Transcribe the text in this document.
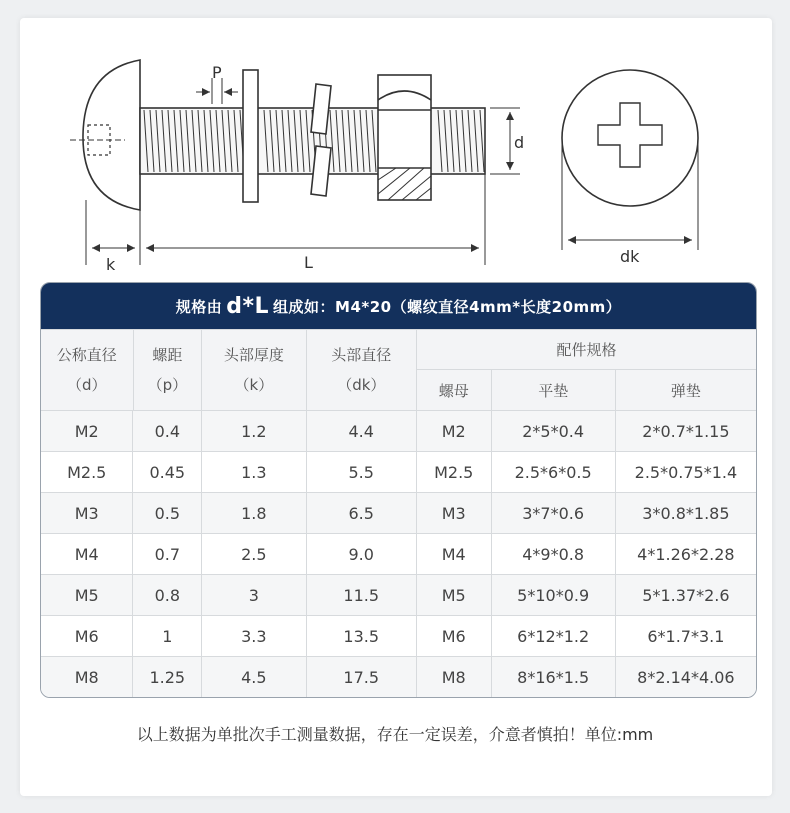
P
d
k	L	dk
规格由 d*L 组成如：M4*20（螺纹直径4mm*长度20mm）
公称直径
（d）
螺距
（p）
头部厚度
（k）
头部直径
（dk）
配件规格
螺母	平垫	弹垫
M2	0.4	1.2	4.4	M2	2*5*0.4	2*0.7*1.15
M2.5	0.45	1.3	5.5	M2.5	2.5*6*0.5	2.5*0.75*1.4
M3	0.5	1.8	6.5	M3	3*7*0.6	3*0.8*1.85
M4	0.7	2.5	9.0	M4	4*9*0.8	4*1.26*2.28
M5	0.8	3	11.5	M5	5*10*0.9	5*1.37*2.6
M6	1	3.3	13.5	M6	6*12*1.2	6*1.7*3.1
M8	1.25	4.5	17.5	M8	8*16*1.5	8*2.14*4.06
以上数据为单批次手工测量数据，存在一定误差，介意者慎拍！单位:mm
